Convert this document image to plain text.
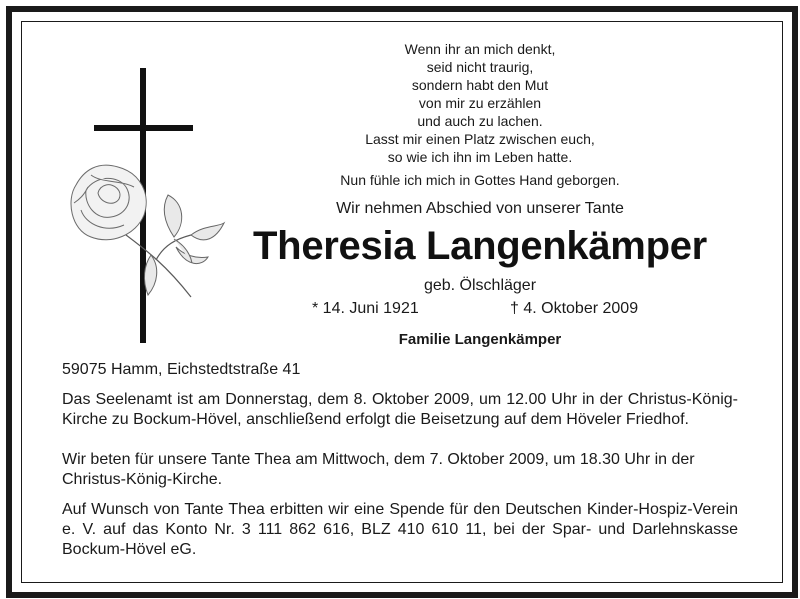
Wenn ihr an mich denkt,
seid nicht traurig,
sondern habt den Mut
von mir zu erzählen
und auch zu lachen.
Lasst mir einen Platz zwischen euch,
so wie ich ihn im Leben hatte.
Nun fühle ich mich in Gottes Hand geborgen.
Wir nehmen Abschied von unserer Tante
Theresia Langenkämper
geb. Ölschläger
* 14. Juni 1921	† 4. Oktober 2009
Familie Langenkämper
59075 Hamm, Eichstedtstraße 41
Das Seelenamt ist am Donnerstag, dem 8. Oktober 2009, um 12.00 Uhr in der Christus-König-Kirche zu Bockum-Hövel, anschließend erfolgt die Beisetzung auf dem Höveler Friedhof.
Wir beten für unsere Tante Thea am Mittwoch, dem 7. Oktober 2009, um 18.30 Uhr in der Christus-König-Kirche.
Auf Wunsch von Tante Thea erbitten wir eine Spende für den Deutschen Kinder-Hospiz-Verein e. V. auf das Konto Nr. 3 111 862 616, BLZ 410 610 11, bei der Spar- und Darlehnskasse Bockum-Hövel eG.
